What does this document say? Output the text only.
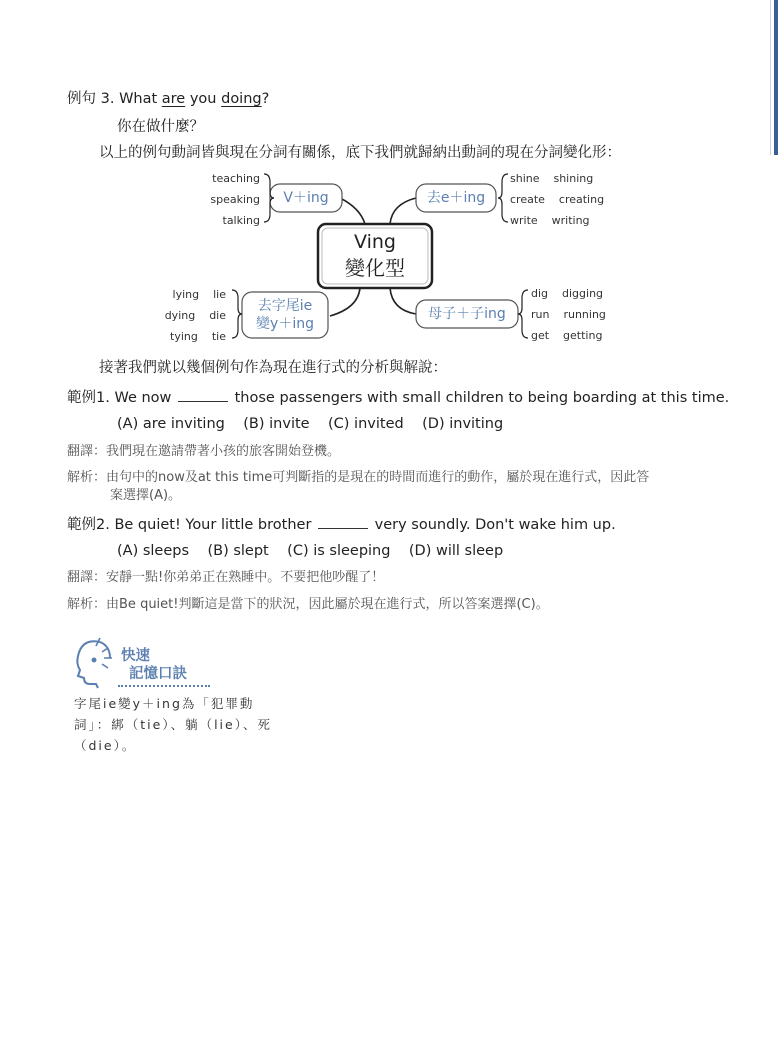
例句 3. What are you doing?
你在做什麼？
以上的例句動詞皆與現在分詞有關係，底下我們就歸納出動詞的現在分詞變化形：
Ving
變化型
V＋ing
teaching
speaking
talking
去e＋ing
shine    shining
create    creating
write    writing
去字尾ie
變y＋ing
lying    lie
dying    die
tying    tie
母子＋子ing
dig    digging
run    running
get    getting
接著我們就以幾個例句作為現在進行式的分析與解說：
範例1. We now	those passengers with small children to being boarding at this time.
(A) are inviting    (B) invite    (C) invited    (D) inviting
翻譯：我們現在邀請帶著小孩的旅客開始登機。
解析：由句中的now及at this time可判斷指的是現在的時間而進行的動作，屬於現在進行式，因此答
案選擇(A)。
範例2. Be quiet! Your little brother	very soundly. Don't wake him up.
(A) sleeps    (B) slept    (C) is sleeping    (D) will sleep
翻譯：安靜一點!你弟弟正在熟睡中。不要把他吵醒了！
解析：由Be quiet!判斷這是當下的狀況，因此屬於現在進行式，所以答案選擇(C)。
快速
記憶口訣
字尾ie變y＋ing為「犯罪動詞」：綁（tie）、躺（lie）、死（die）。
